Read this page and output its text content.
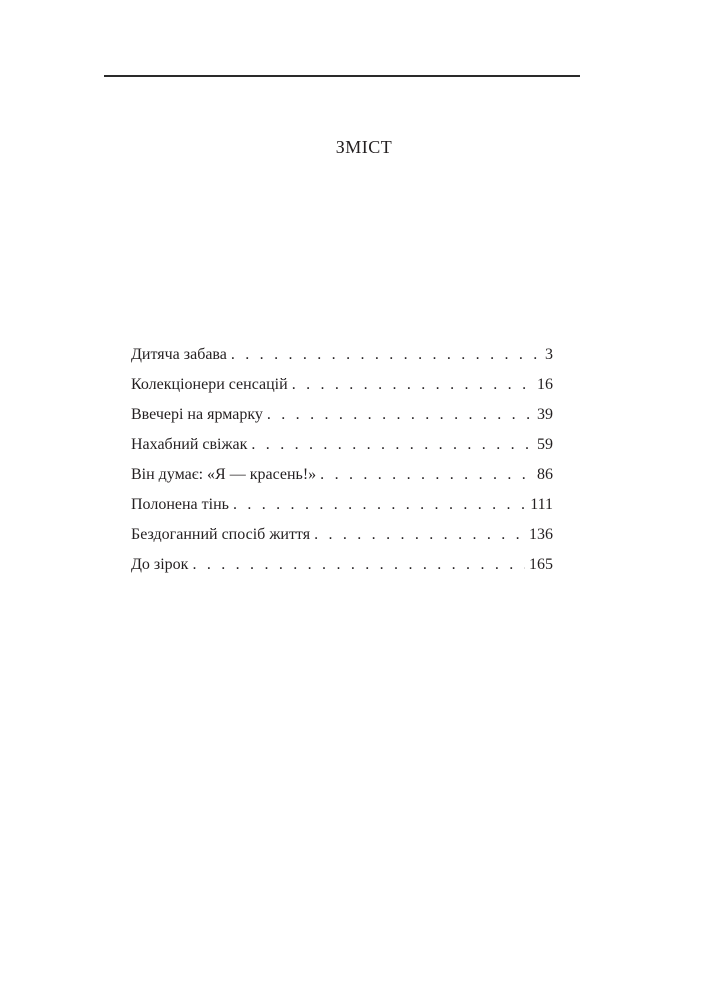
ЗМІСТ
Дитяча забава . . .	3
Колекціонери сенсацій . . .	16
Ввечері на ярмарку . . .	39
Нахабний свіжак . . .	59
Він думає: «Я — красень!» . . .	86
Полонена тінь . . .	111
Бездоганний спосіб життя . . .	136
До зірок . . .	165
